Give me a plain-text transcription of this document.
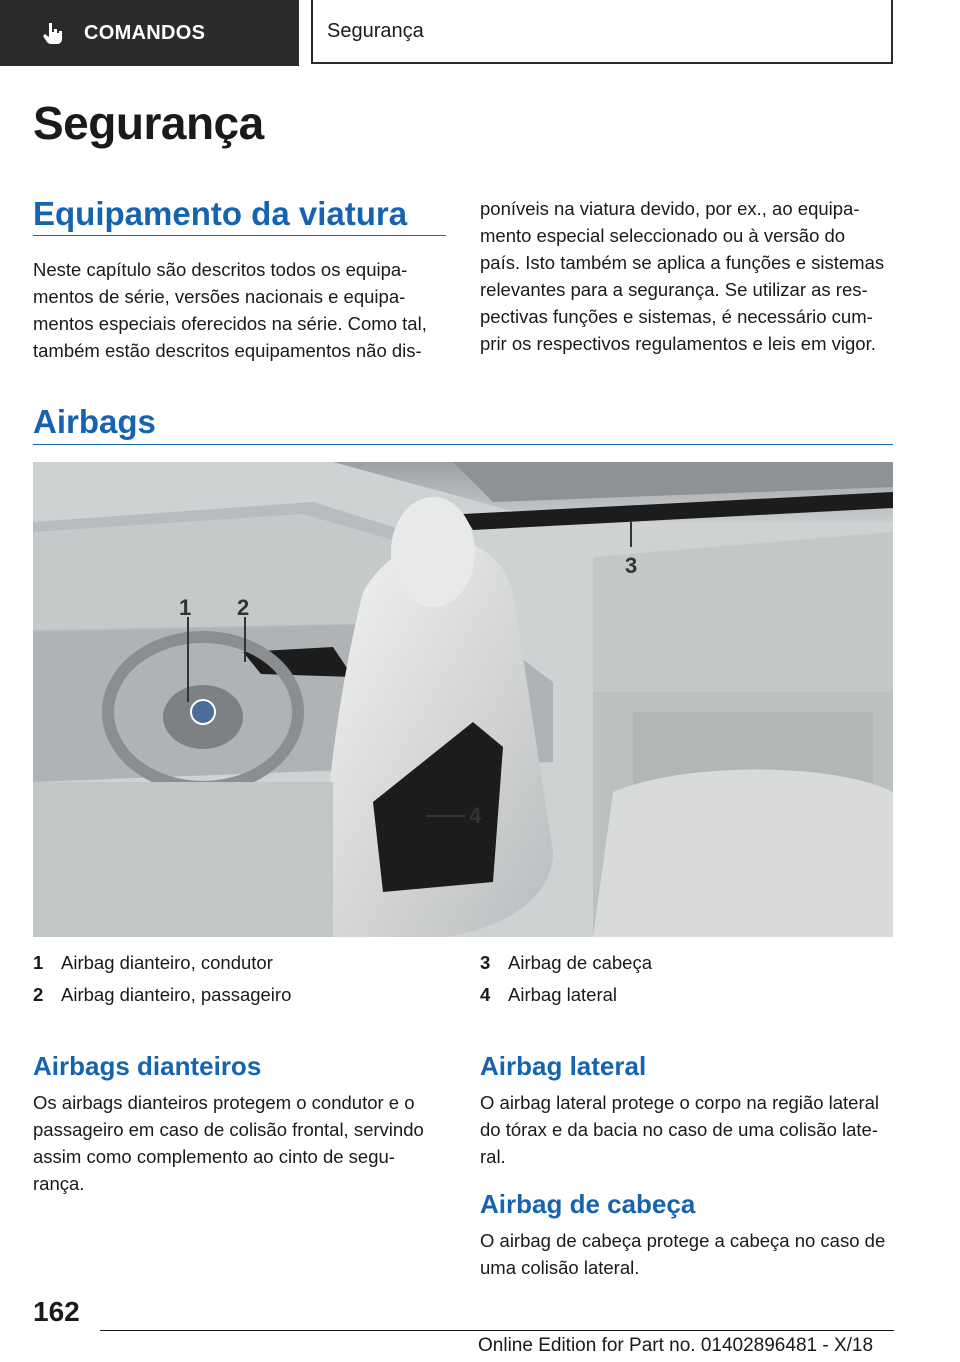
COMANDOS	Segurança
Segurança
Equipamento da viatura

Neste capítulo são descritos todos os equipa-
mentos de série, versões nacionais e equipa-
mentos especiais oferecidos na série. Como tal,
também estão descritos equipamentos não dis-

poníveis na viatura devido, por ex., ao equipa-
mento especial seleccionado ou à versão do
país. Isto também se aplica a funções e sistemas
relevantes para a segurança. Se utilizar as res-
pectivas funções e sistemas, é necessário cum-
prir os respectivos regulamentos e leis em vigor.

Airbags
1 2
3
4
1 Airbag dianteiro, condutor
2 Airbag dianteiro, passageiro
3 Airbag de cabeça
4 Airbag lateral
Airbags dianteiros

Os airbags dianteiros protegem o condutor e o
passageiro em caso de colisão frontal, servindo
assim como complemento ao cinto de segu-
rança.

Airbag lateral

O airbag lateral protege o corpo na região lateral
do tórax e da bacia no caso de uma colisão late-
ral.

Airbag de cabeça

O airbag de cabeça protege a cabeça no caso de
uma colisão lateral.

162

Online Edition for Part no. 01402896481 - X/18
